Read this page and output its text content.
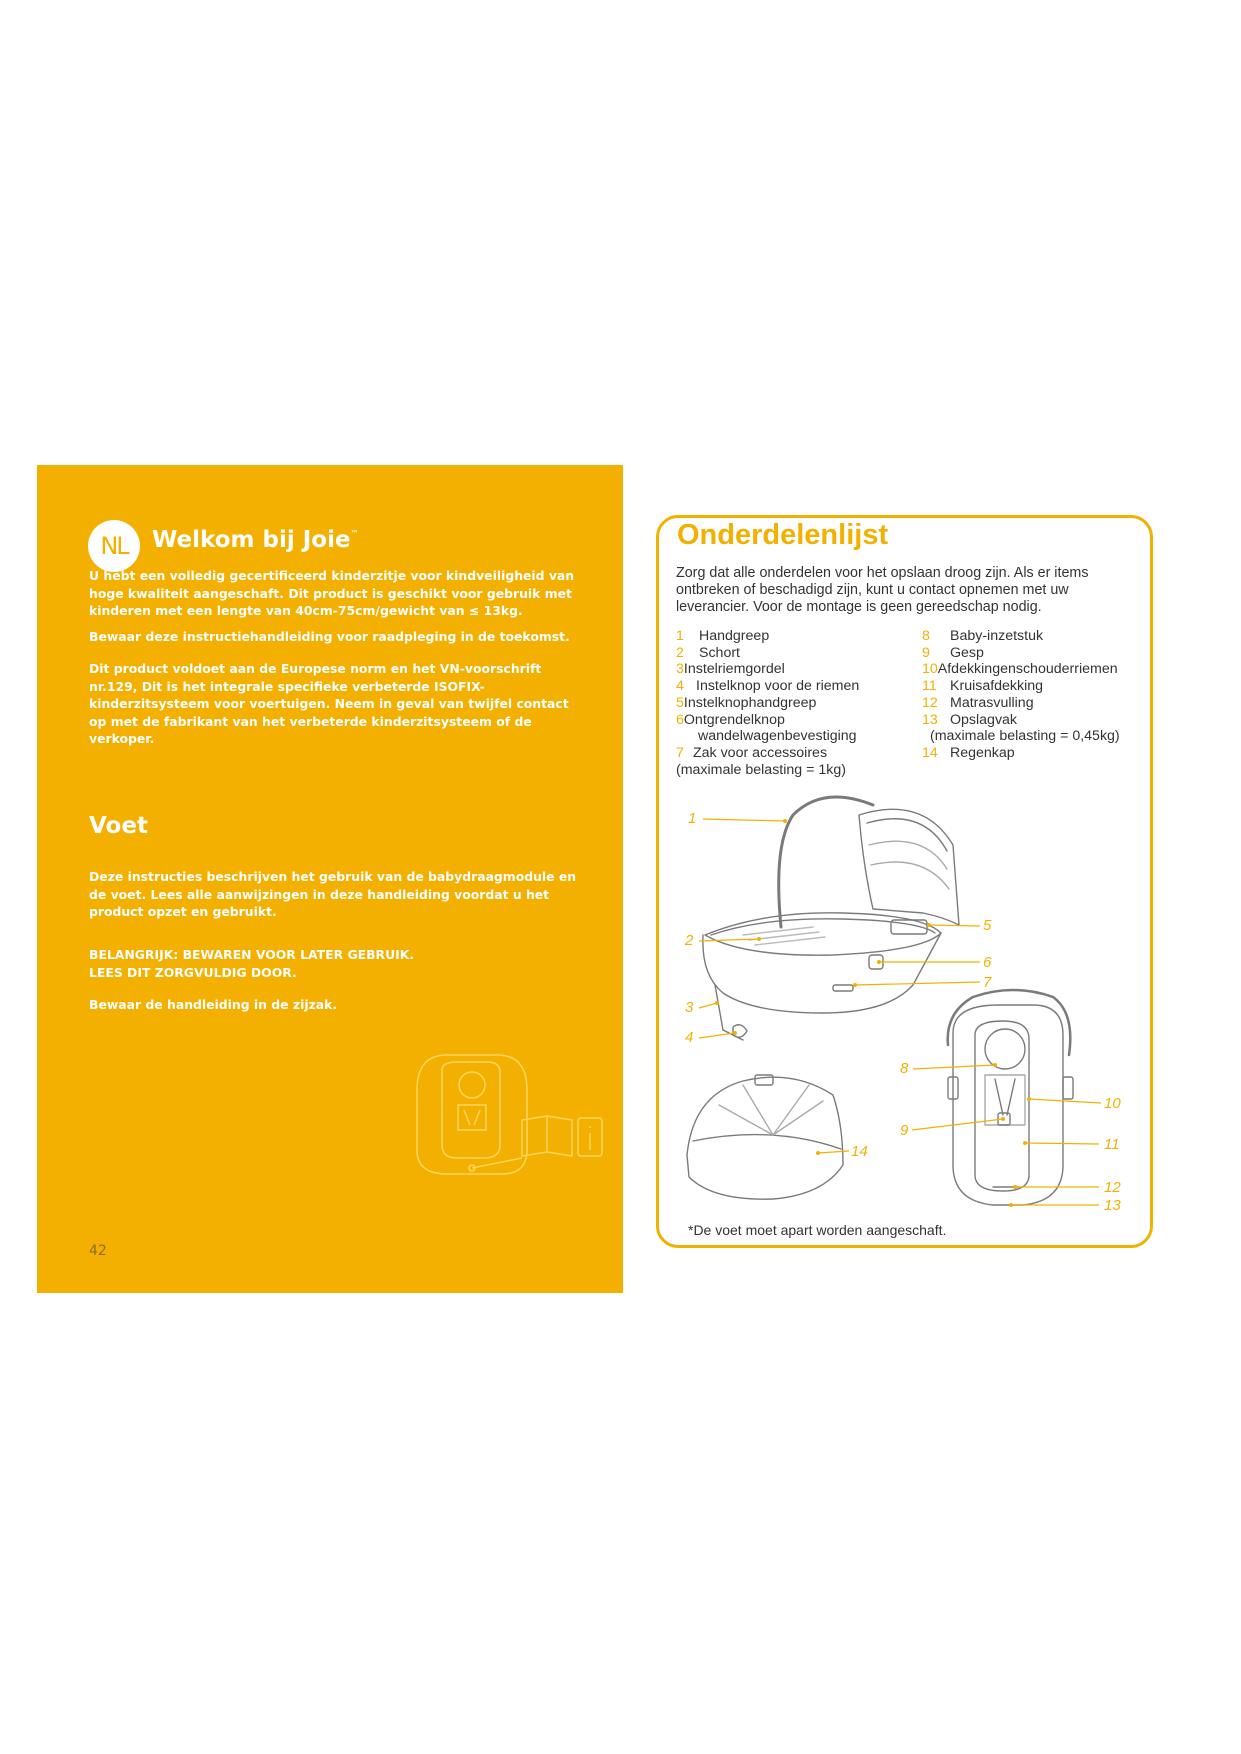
NL	Welkom bij Joie™

U hebt een volledig gecertificeerd kinderzitje voor kindveiligheid van hoge kwaliteit aangeschaft. Dit product is geschikt voor gebruik met kinderen met een lengte van 40cm-75cm/gewicht van ≤ 13kg.

Bewaar deze instructiehandleiding voor raadpleging in de toekomst.

Dit product voldoet aan de Europese norm en het VN-voorschrift nr.129, Dit is het integrale specifieke verbeterde ISOFIX-kinderzitsysteem voor voertuigen. Neem in geval van twijfel contact op met de fabrikant van het verbeterde kinderzitsysteem of de verkoper.

Voet

Deze instructies beschrijven het gebruik van de babydraagmodule en de voet. Lees alle aanwijzingen in deze handleiding voordat u het product opzet en gebruikt.

BELANGRIJK: BEWAREN VOOR LATER GEBRUIK.
LEES DIT ZORGVULDIG DOOR.

Bewaar de handleiding in de zijzak.

42
Onderdelenlijst

Zorg dat alle onderdelen voor het opslaan droog zijn. Als er items ontbreken of beschadigd zijn, kunt u contact opnemen met uw leverancier. Voor de montage is geen gereedschap nodig.

1 Handgreep
2 Schort
3Instelriemgordel
4 Instelknop voor de riemen
5Instelknophandgreep
6Ontgrendelknop
wandelwagenbevestiging
7 Zak voor accessoires
(maximale belasting = 1kg)
8 Baby-inzetstuk
9 Gesp
10Afdekkingenschouderriemen
11 Kruisafdekking
12 Matrasvulling
13 Opslagvak
(maximale belasting = 0,45kg)
14 Regenkap
1
2
3
4
5
6
7
8
9
10
11
12
13
14
*De voet moet apart worden aangeschaft.
